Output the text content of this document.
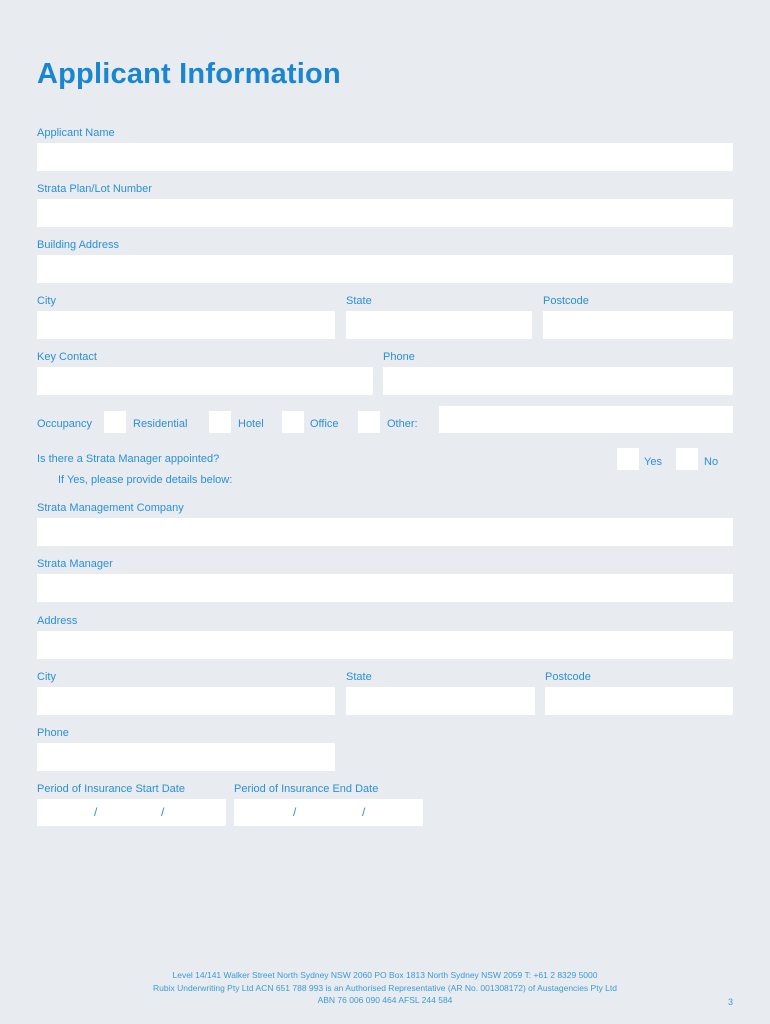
Applicant Information
Applicant Name
Strata Plan/Lot Number
Building Address
City	State	Postcode
Key Contact	Phone
Occupancy	Residential	Hotel	Office	Other:
Is there a Strata Manager appointed?	Yes	No
If Yes, please provide details below:
Strata Management Company
Strata Manager
Address
City	State	Postcode
Phone
Period of Insurance Start Date
/	/
Period of Insurance End Date
/	/
Level 14/141 Walker Street North Sydney NSW 2060 PO Box 1813 North Sydney NSW 2059 T: +61 2 8329 5000
Rubix Underwriting Pty Ltd ACN 651 788 993 is an Authorised Representative (AR No. 001308172) of Austagencies Pty Ltd
ABN 76 006 090 464 AFSL 244 584	3
